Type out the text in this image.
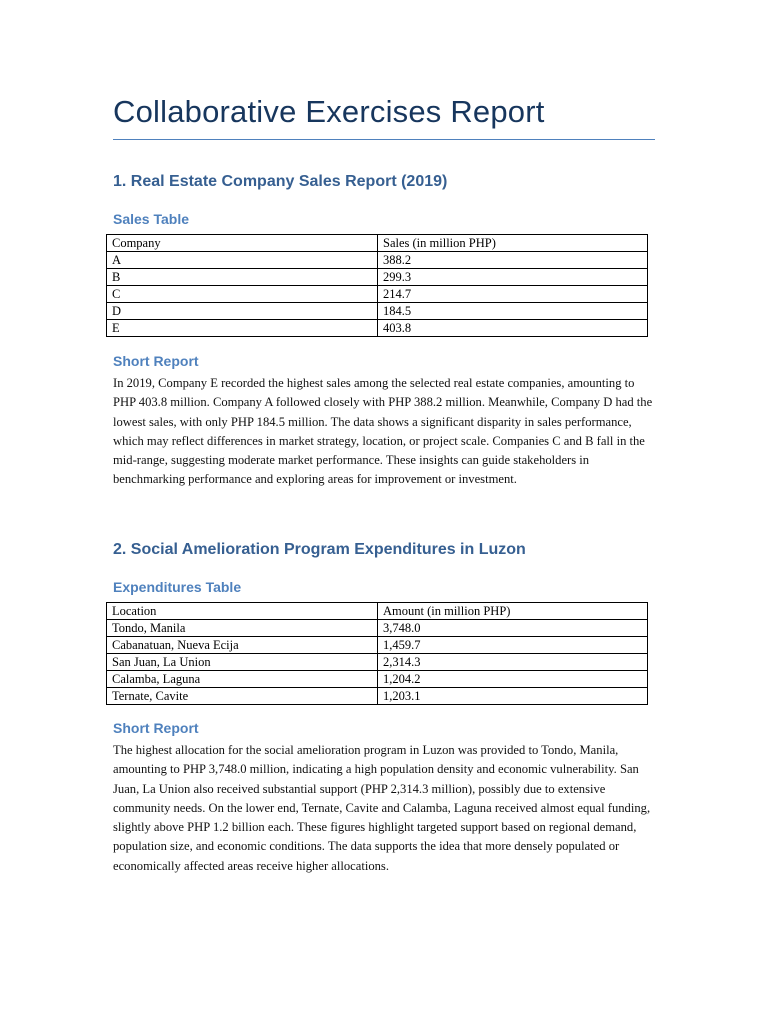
Collaborative Exercises Report
1. Real Estate Company Sales Report (2019)
Sales Table
Company	Sales (in million PHP)
A	388.2
B	299.3
C	214.7
D	184.5
E	403.8
Short Report

In 2019, Company E recorded the highest sales among the selected real estate companies, amounting to PHP 403.8 million. Company A followed closely with PHP 388.2 million. Meanwhile, Company D had the lowest sales, with only PHP 184.5 million. The data shows a significant disparity in sales performance, which may reflect differences in market strategy, location, or project scale. Companies C and B fall in the mid-range, suggesting moderate market performance. These insights can guide stakeholders in benchmarking performance and exploring areas for improvement or investment.

2. Social Amelioration Program Expenditures in Luzon
Expenditures Table
Location	Amount (in million PHP)
Tondo, Manila	3,748.0
Cabanatuan, Nueva Ecija	1,459.7
San Juan, La Union	2,314.3
Calamba, Laguna	1,204.2
Ternate, Cavite	1,203.1
Short Report

The highest allocation for the social amelioration program in Luzon was provided to Tondo, Manila, amounting to PHP 3,748.0 million, indicating a high population density and economic vulnerability. San Juan, La Union also received substantial support (PHP 2,314.3 million), possibly due to extensive community needs. On the lower end, Ternate, Cavite and Calamba, Laguna received almost equal funding, slightly above PHP 1.2 billion each. These figures highlight targeted support based on regional demand, population size, and economic conditions. The data supports the idea that more densely populated or economically affected areas receive higher allocations.
